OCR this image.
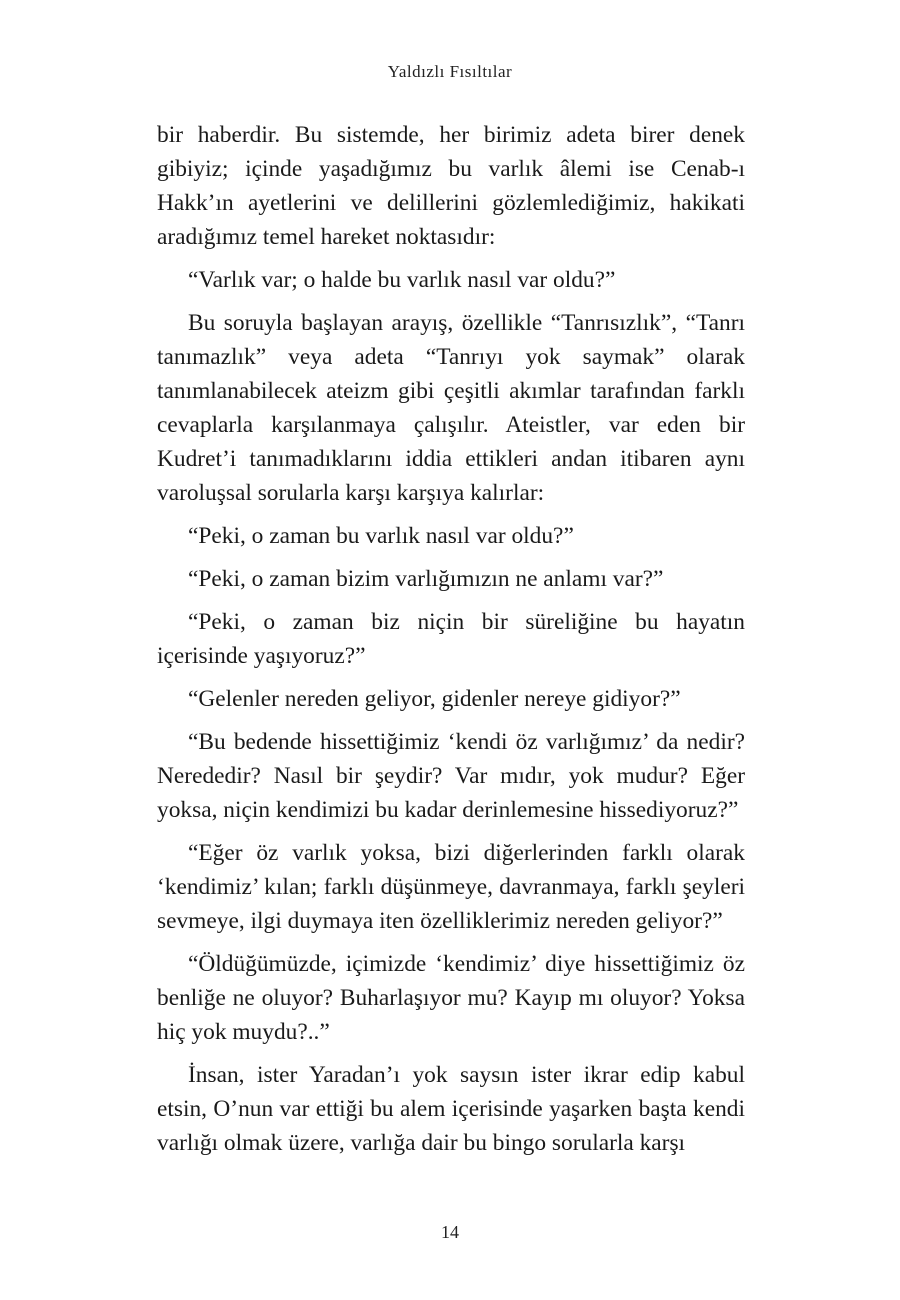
Yaldızlı Fısıltılar

bir haberdir. Bu sistemde, her birimiz adeta birer denek gibiyiz; içinde yaşadığımız bu varlık âlemi ise Cenab-ı Hakk’ın ayetlerini ve delillerini gözlemlediğimiz, hakikati aradığımız temel hareket noktasıdır:

“Varlık var; o halde bu varlık nasıl var oldu?”

Bu soruyla başlayan arayış, özellikle “Tanrısızlık”, “Tanrı tanımazlık” veya adeta “Tanrıyı yok saymak” olarak tanımlanabilecek ateizm gibi çeşitli akımlar tarafından farklı cevaplarla karşılanmaya çalışılır. Ateistler, var eden bir Kudret’i tanımadıklarını iddia ettikleri andan itibaren aynı varoluşsal sorularla karşı karşıya kalırlar:

“Peki, o zaman bu varlık nasıl var oldu?”

“Peki, o zaman bizim varlığımızın ne anlamı var?”

“Peki, o zaman biz niçin bir süreliğine bu hayatın içerisinde yaşıyoruz?”

“Gelenler nereden geliyor, gidenler nereye gidiyor?”

“Bu bedende hissettiğimiz ‘kendi öz varlığımız’ da nedir? Nerededir? Nasıl bir şeydir? Var mıdır, yok mudur? Eğer yoksa, niçin kendimizi bu kadar derinlemesine hissediyoruz?”

“Eğer öz varlık yoksa, bizi diğerlerinden farklı olarak ‘kendimiz’ kılan; farklı düşünmeye, davranmaya, farklı şeyleri sevmeye, ilgi duymaya iten özelliklerimiz nereden geliyor?”

“Öldüğümüzde, içimizde ‘kendimiz’ diye hissettiğimiz öz benliğe ne oluyor? Buharlaşıyor mu? Kayıp mı oluyor? Yoksa hiç yok muydu?..”

İnsan, ister Yaradan’ı yok saysın ister ikrar edip kabul etsin, O’nun var ettiği bu alem içerisinde yaşarken başta kendi varlığı olmak üzere, varlığa dair bu bingo sorularla karşı

14
